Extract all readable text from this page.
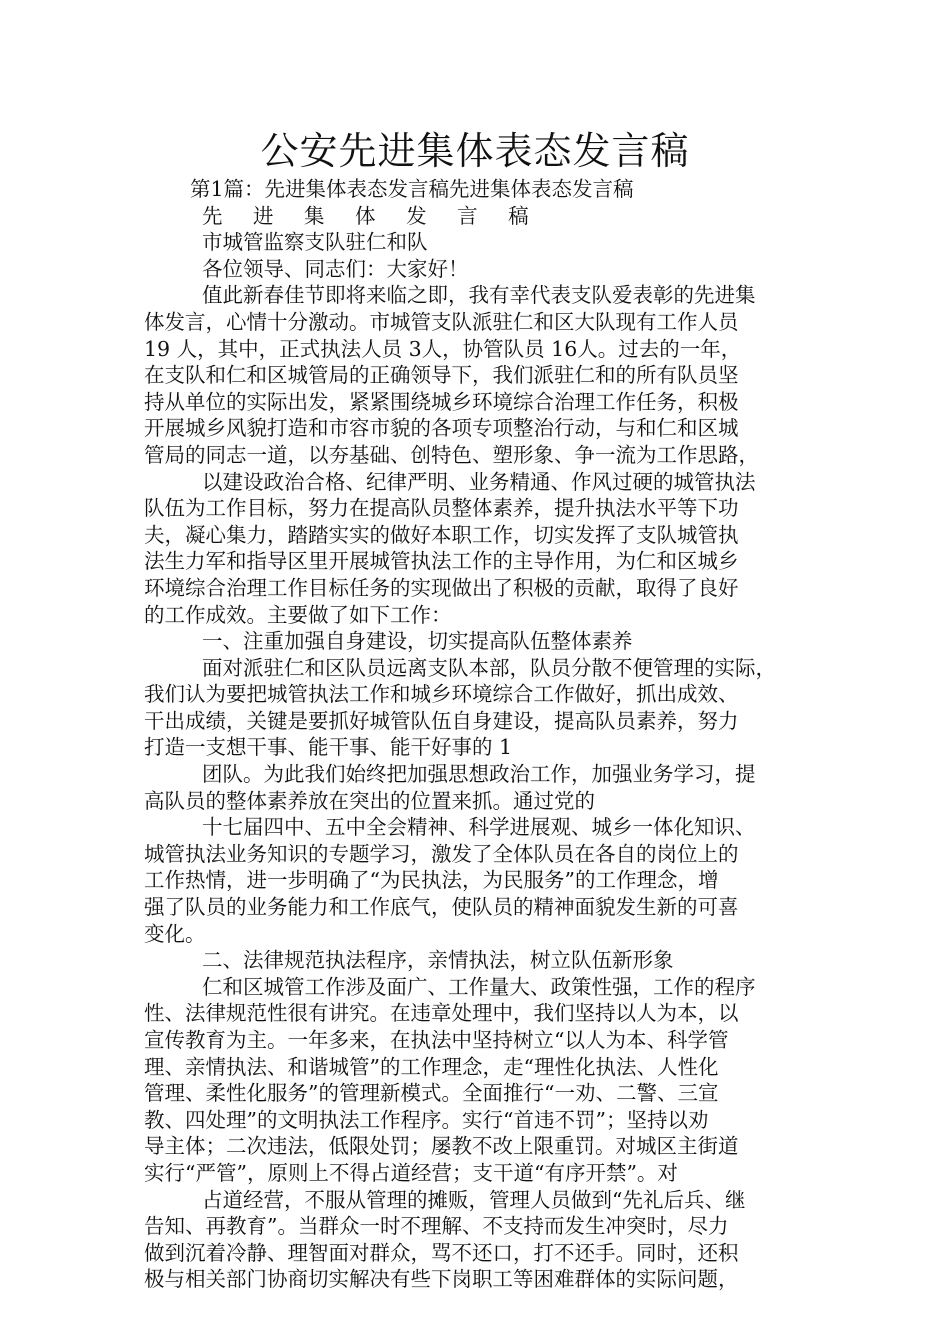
公安先进集体表态发言稿
第1篇：先进集体表态发言稿先进集体表态发言稿
先 进 集 体 发 言 稿
市城管监察支队驻仁和队
各位领导、同志们：大家好！
值此新春佳节即将来临之即，我有幸代表支队爱表彰的先进集
体发言，心情十分激动。市城管支队派驻仁和区大队现有工作人员
19 人，其中，正式执法人员 3人，协管队员 16人。过去的一年，
在支队和仁和区城管局的正确领导下，我们派驻仁和的所有队员坚
持从单位的实际出发，紧紧围绕城乡环境综合治理工作任务，积极
开展城乡风貌打造和市容市貌的各项专项整治行动，与和仁和区城
管局的同志一道，以夯基础、创特色、塑形象、争一流为工作思路，
以建设政治合格、纪律严明、业务精通、作风过硬的城管执法
队伍为工作目标，努力在提高队员整体素养，提升执法水平等下功
夫，凝心集力，踏踏实实的做好本职工作，切实发挥了支队城管执
法生力军和指导区里开展城管执法工作的主导作用，为仁和区城乡
环境综合治理工作目标任务的实现做出了积极的贡献，取得了良好
的工作成效。主要做了如下工作：
一、注重加强自身建设，切实提高队伍整体素养
面对派驻仁和区队员远离支队本部，队员分散不便管理的实际，
我们认为要把城管执法工作和城乡环境综合工作做好，抓出成效、
干出成绩，关键是要抓好城管队伍自身建设，提高队员素养，努力
打造一支想干事、能干事、能干好事的 1
团队。为此我们始终把加强思想政治工作，加强业务学习，提
高队员的整体素养放在突出的位置来抓。通过党的
十七届四中、五中全会精神、科学进展观、城乡一体化知识、
城管执法业务知识的专题学习，激发了全体队员在各自的岗位上的
工作热情，进一步明确了“为民执法，为民服务”的工作理念，增
强了队员的业务能力和工作底气，使队员的精神面貌发生新的可喜
变化。
二、法律规范执法程序，亲情执法，树立队伍新形象
仁和区城管工作涉及面广、工作量大、政策性强，工作的程序
性、法律规范性很有讲究。在违章处理中，我们坚持以人为本，以
宣传教育为主。一年多来，在执法中坚持树立“以人为本、科学管
理、亲情执法、和谐城管”的工作理念，走“理性化执法、人性化
管理、柔性化服务”的管理新模式。全面推行“一劝、二警、三宣
教、四处理”的文明执法工作程序。实行“首违不罚”；坚持以劝
导主体；二次违法，低限处罚；屡教不改上限重罚。对城区主街道
实行“严管”，原则上不得占道经营；支干道“有序开禁”。对
占道经营，不服从管理的摊贩，管理人员做到“先礼后兵、继
告知、再教育”。当群众一时不理解、不支持而发生冲突时，尽力
做到沉着冷静、理智面对群众，骂不还口，打不还手。同时，还积
极与相关部门协商切实解决有些下岗职工等困难群体的实际问题，
